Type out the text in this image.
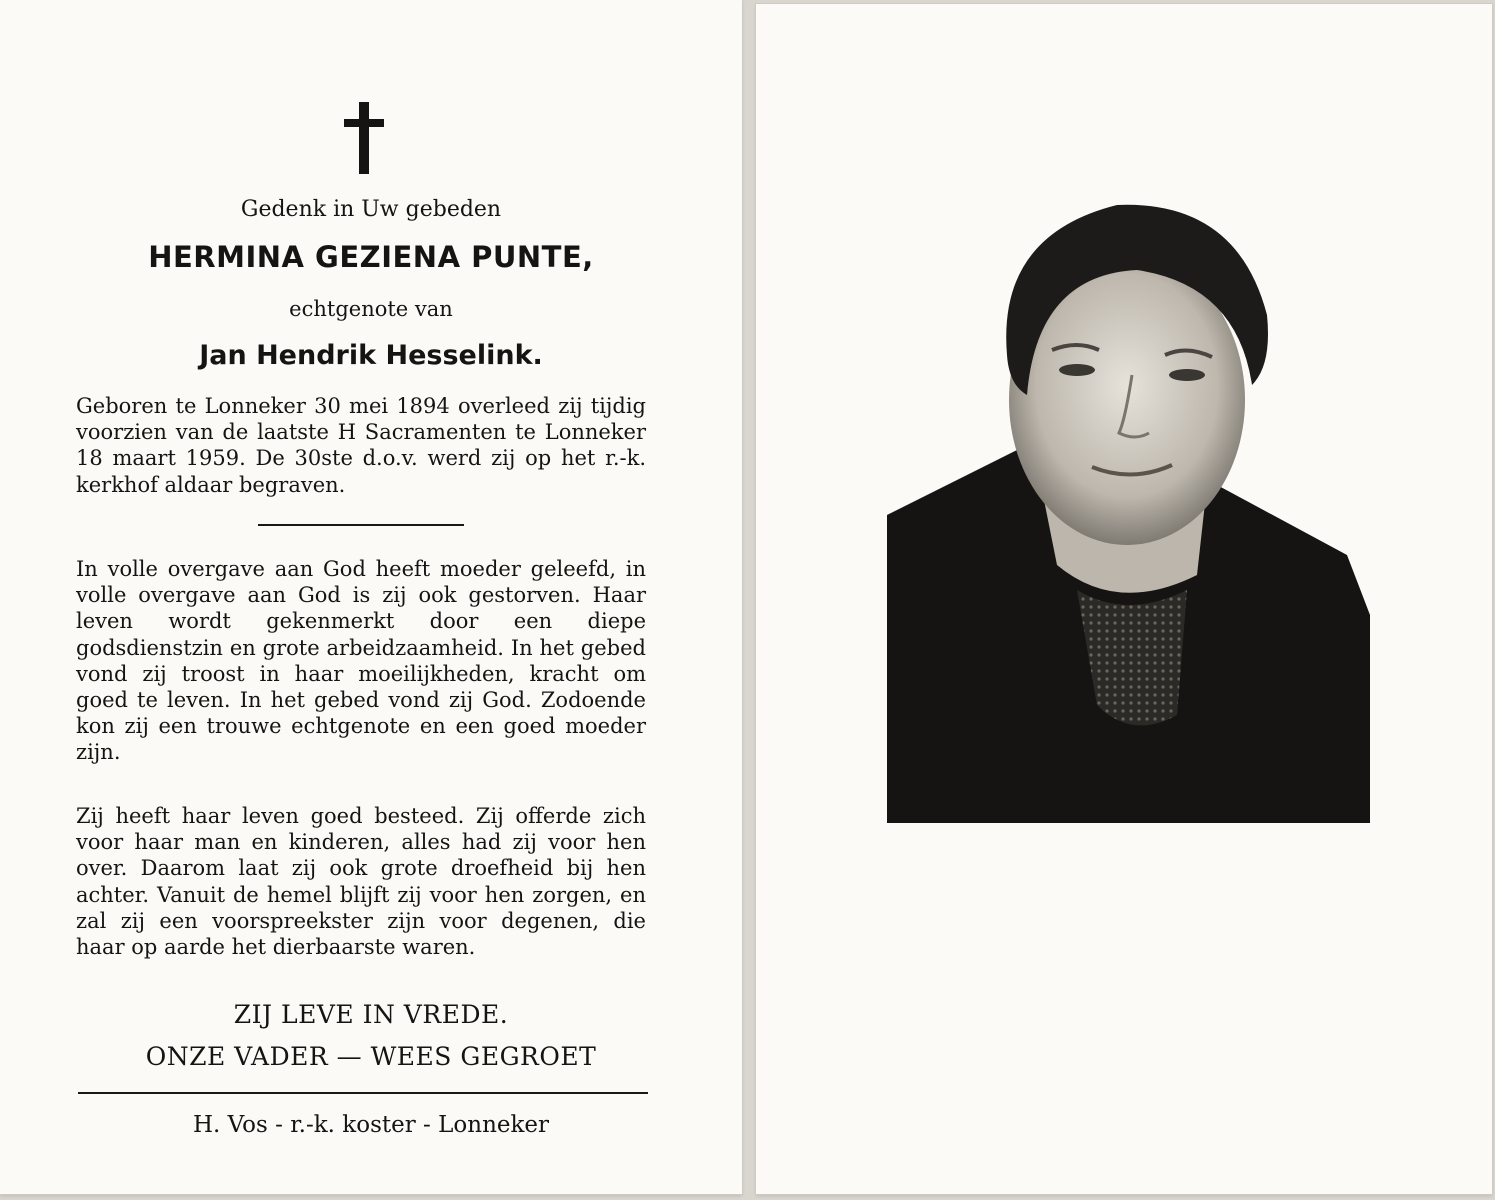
Gedenk in Uw gebeden

HERMINA GEZIENA PUNTE,

echtgenote van

Jan Hendrik Hesselink.

Geboren te Lonneker 30 mei 1894 overleed zij tijdig voorzien van de laatste H Sacramenten te Lonneker 18 maart 1959. De 30ste d.o.v. werd zij op het r.-k. kerkhof aldaar begraven.

In volle overgave aan God heeft moeder geleefd, in volle overgave aan God is zij ook gestorven. Haar leven wordt gekenmerkt door een diepe godsdienstzin en grote arbeidzaamheid. In het gebed vond zij troost in haar moeilijkheden, kracht om goed te leven. In het gebed vond zij God. Zodoende kon zij een trouwe echtgenote en een goed moeder zijn.

Zij heeft haar leven goed besteed. Zij offerde zich voor haar man en kinderen, alles had zij voor hen over. Daarom laat zij ook grote droefheid bij hen achter. Vanuit de hemel blijft zij voor hen zorgen, en zal zij een voorspreekster zijn voor degenen, die haar op aarde het dierbaarste waren.

ZIJ LEVE IN VREDE.

ONZE VADER — WEES GEGROET

H. Vos - r.-k. koster - Lonneker
